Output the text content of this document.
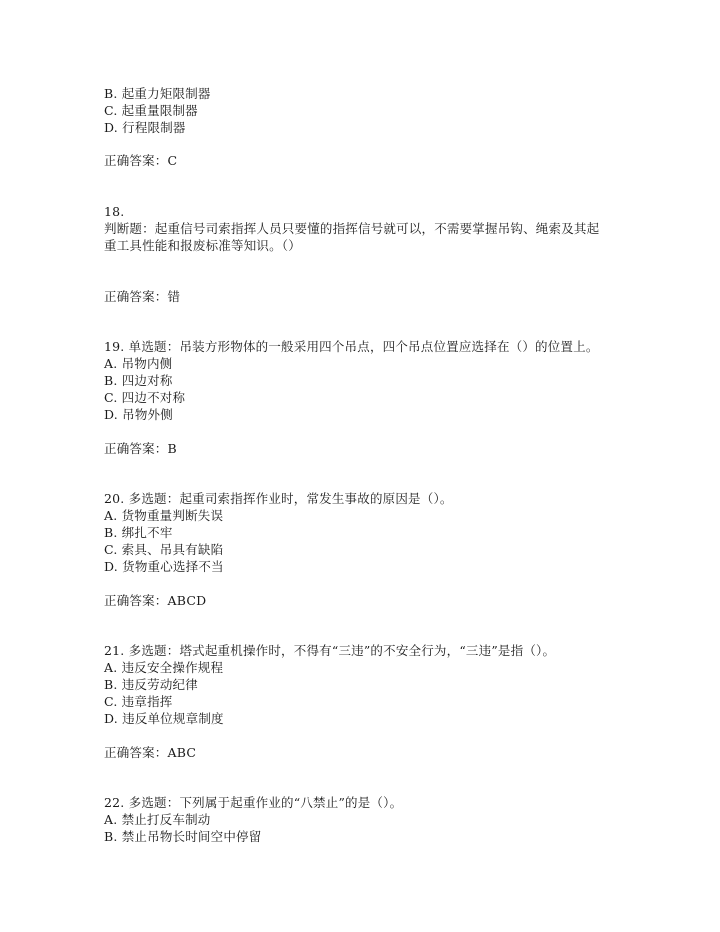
B. 起重力矩限制器
C. 起重量限制器
D. 行程限制器
正确答案：C
18.
判断题：起重信号司索指挥人员只要懂的指挥信号就可以，不需要掌握吊钩、绳索及其起
重工具性能和报废标准等知识。（）
正确答案：错
19. 单选题：吊装方形物体的一般采用四个吊点，四个吊点位置应选择在（）的位置上。
A. 吊物内侧
B. 四边对称
C. 四边不对称
D. 吊物外侧
正确答案：B
20. 多选题：起重司索指挥作业时，常发生事故的原因是（）。
A. 货物重量判断失误
B. 绑扎不牢
C. 索具、吊具有缺陷
D. 货物重心选择不当
正确答案：ABCD
21. 多选题：塔式起重机操作时，不得有“三违”的不安全行为，“三违”是指（）。
A. 违反安全操作规程
B. 违反劳动纪律
C. 违章指挥
D. 违反单位规章制度
正确答案：ABC
22. 多选题：下列属于起重作业的“八禁止”的是（）。
A. 禁止打反车制动
B. 禁止吊物长时间空中停留
